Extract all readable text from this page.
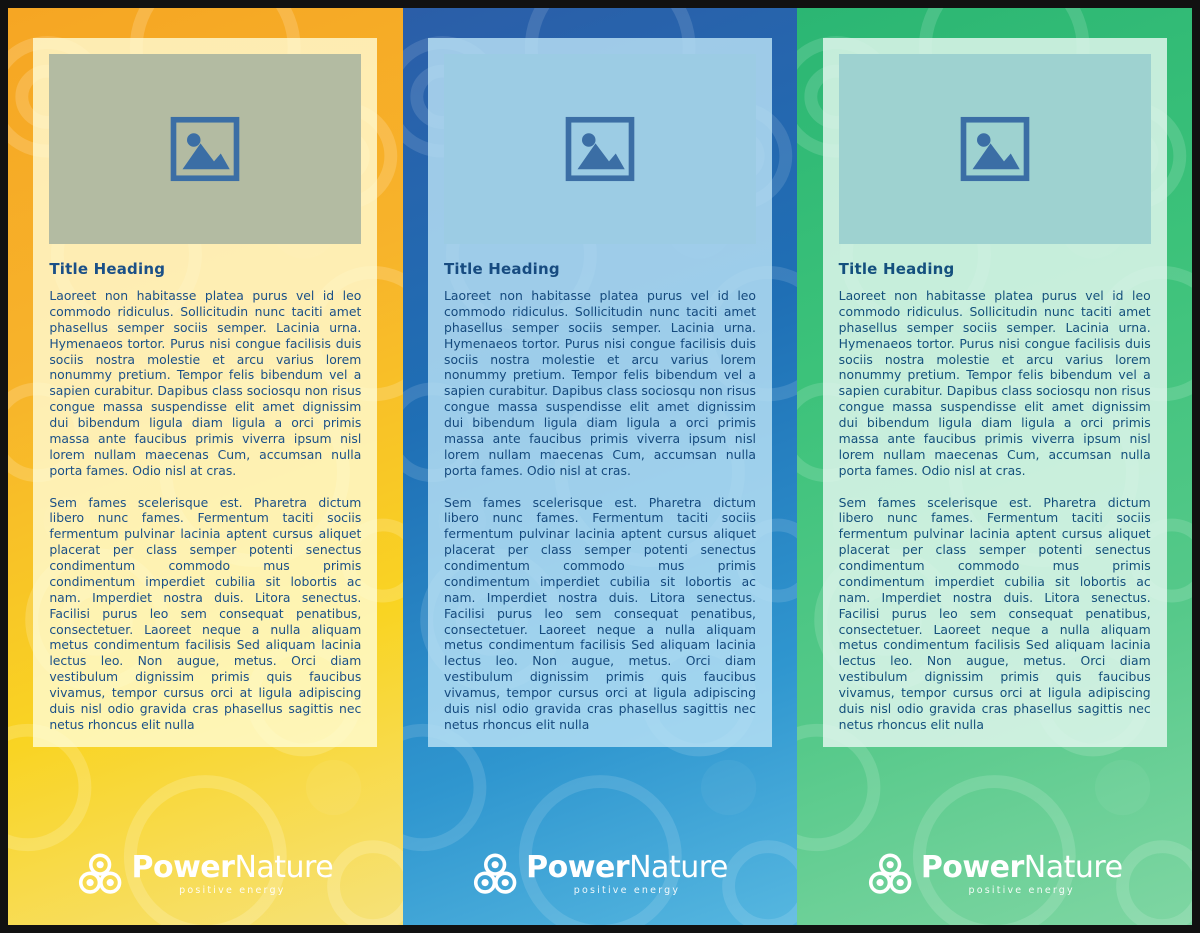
Title Heading

Laoreet non habitasse platea purus vel id leo commodo ridiculus. Sollicitudin nunc taciti amet phasellus semper sociis semper. Lacinia urna. Hymenaeos tortor. Purus nisi congue facilisis duis sociis nostra molestie et arcu varius lorem nonummy pretium. Tempor felis bibendum vel a sapien curabitur. Dapibus class sociosqu non risus congue massa suspendisse elit amet dignissim dui bibendum ligula diam ligula a orci primis massa ante faucibus primis viverra ipsum nisl lorem nullam maecenas Cum, accumsan nulla porta fames. Odio nisl at cras.

Sem fames scelerisque est. Pharetra dictum libero nunc fames. Fermentum taciti sociis fermentum pulvinar lacinia aptent cursus aliquet placerat per class semper potenti senectus condimentum commodo mus primis condimentum imperdiet cubilia sit lobortis ac nam. Imperdiet nostra duis. Litora senectus. Facilisi purus leo sem consequat penatibus, consectetuer. Laoreet neque a nulla aliquam metus condimentum facilisis Sed aliquam lacinia lectus leo. Non augue, metus. Orci diam vestibulum dignissim primis quis faucibus vivamus, tempor cursus orci at ligula adipiscing duis nisl odio gravida cras phasellus sagittis nec netus rhoncus elit nulla

PowerNature
positive energy
Title Heading

Laoreet non habitasse platea purus vel id leo commodo ridiculus. Sollicitudin nunc taciti amet phasellus semper sociis semper. Lacinia urna. Hymenaeos tortor. Purus nisi congue facilisis duis sociis nostra molestie et arcu varius lorem nonummy pretium. Tempor felis bibendum vel a sapien curabitur. Dapibus class sociosqu non risus congue massa suspendisse elit amet dignissim dui bibendum ligula diam ligula a orci primis massa ante faucibus primis viverra ipsum nisl lorem nullam maecenas Cum, accumsan nulla porta fames. Odio nisl at cras.

Sem fames scelerisque est. Pharetra dictum libero nunc fames. Fermentum taciti sociis fermentum pulvinar lacinia aptent cursus aliquet placerat per class semper potenti senectus condimentum commodo mus primis condimentum imperdiet cubilia sit lobortis ac nam. Imperdiet nostra duis. Litora senectus. Facilisi purus leo sem consequat penatibus, consectetuer. Laoreet neque a nulla aliquam metus condimentum facilisis Sed aliquam lacinia lectus leo. Non augue, metus. Orci diam vestibulum dignissim primis quis faucibus vivamus, tempor cursus orci at ligula adipiscing duis nisl odio gravida cras phasellus sagittis nec netus rhoncus elit nulla

PowerNature
positive energy
Title Heading

Laoreet non habitasse platea purus vel id leo commodo ridiculus. Sollicitudin nunc taciti amet phasellus semper sociis semper. Lacinia urna. Hymenaeos tortor. Purus nisi congue facilisis duis sociis nostra molestie et arcu varius lorem nonummy pretium. Tempor felis bibendum vel a sapien curabitur. Dapibus class sociosqu non risus congue massa suspendisse elit amet dignissim dui bibendum ligula diam ligula a orci primis massa ante faucibus primis viverra ipsum nisl lorem nullam maecenas Cum, accumsan nulla porta fames. Odio nisl at cras.

Sem fames scelerisque est. Pharetra dictum libero nunc fames. Fermentum taciti sociis fermentum pulvinar lacinia aptent cursus aliquet placerat per class semper potenti senectus condimentum commodo mus primis condimentum imperdiet cubilia sit lobortis ac nam. Imperdiet nostra duis. Litora senectus. Facilisi purus leo sem consequat penatibus, consectetuer. Laoreet neque a nulla aliquam metus condimentum facilisis Sed aliquam lacinia lectus leo. Non augue, metus. Orci diam vestibulum dignissim primis quis faucibus vivamus, tempor cursus orci at ligula adipiscing duis nisl odio gravida cras phasellus sagittis nec netus rhoncus elit nulla

PowerNature
positive energy
